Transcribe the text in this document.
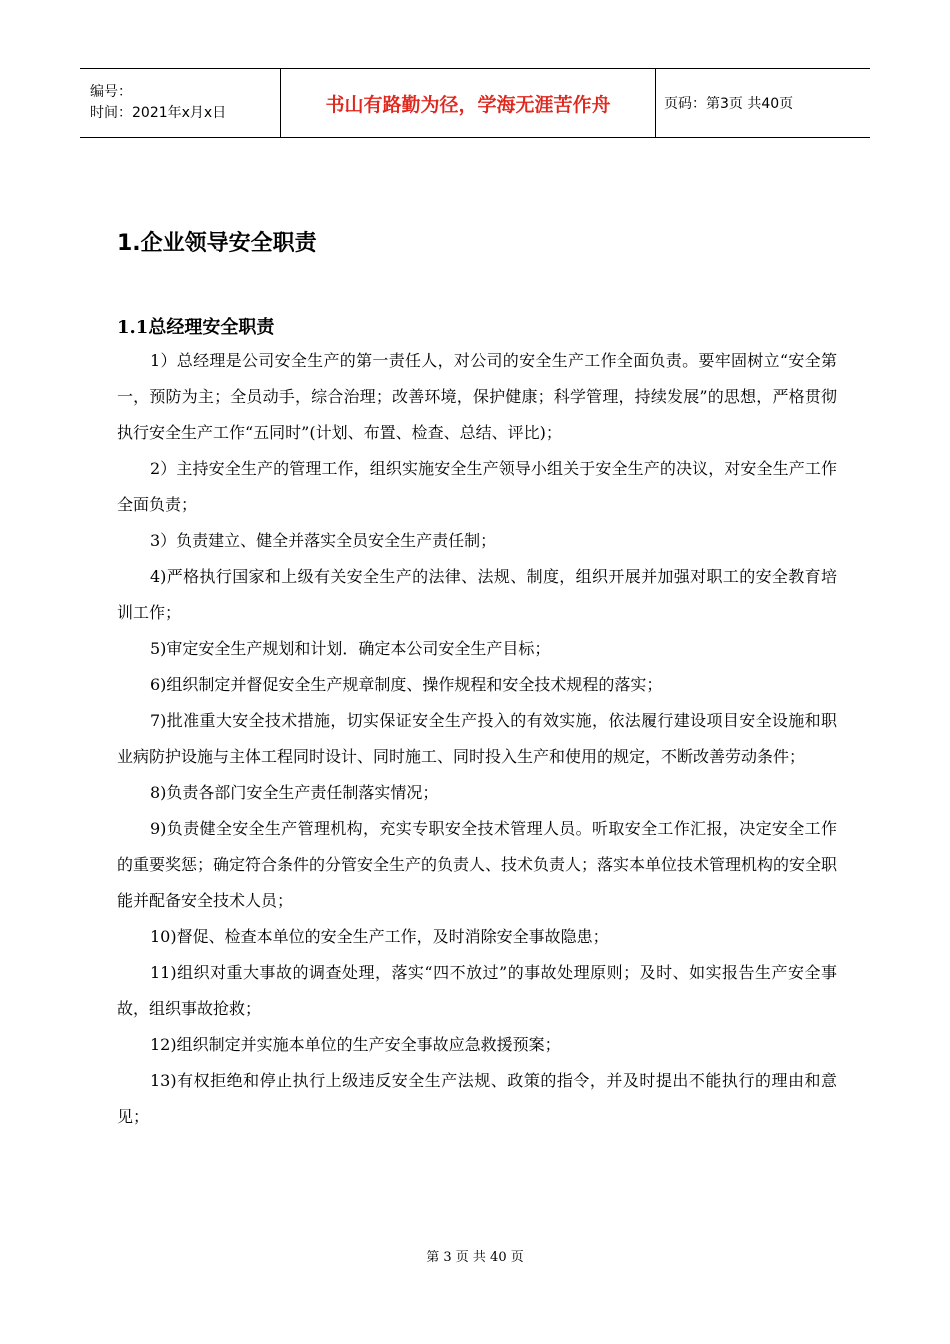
编号：
时间：2021年x月x日	书山有路勤为径，学海无涯苦作舟	页码：第3页 共40页
1.企业领导安全职责
1.1总经理安全职责

1）总经理是公司安全生产的第一责任人，对公司的安全生产工作全面负责。要牢固树立“安全第一，预防为主；全员动手，综合治理；改善环境，保护健康；科学管理，持续发展”的思想，严格贯彻执行安全生产工作“五同时”(计划、布置、检查、总结、评比)；

2）主持安全生产的管理工作，组织实施安全生产领导小组关于安全生产的决议，对安全生产工作全面负责；

3）负责建立、健全并落实全员安全生产责任制；

4)严格执行国家和上级有关安全生产的法律、法规、制度，组织开展并加强对职工的安全教育培训工作；

5)审定安全生产规划和计划．确定本公司安全生产目标；

6)组织制定并督促安全生产规章制度、操作规程和安全技术规程的落实；

7)批准重大安全技术措施，切实保证安全生产投入的有效实施，依法履行建设项目安全设施和职业病防护设施与主体工程同时设计、同时施工、同时投入生产和使用的规定，不断改善劳动条件；

8)负责各部门安全生产责任制落实情况；

9)负责健全安全生产管理机构，充实专职安全技术管理人员。听取安全工作汇报，决定安全工作的重要奖惩；确定符合条件的分管安全生产的负责人、技术负责人；落实本单位技术管理机构的安全职能并配备安全技术人员；

10)督促、检查本单位的安全生产工作，及时消除安全事故隐患；

11)组织对重大事故的调查处理，落实“四不放过”的事故处理原则；及时、如实报告生产安全事故，组织事故抢救；

12)组织制定并实施本单位的生产安全事故应急救援预案；

13)有权拒绝和停止执行上级违反安全生产法规、政策的指令，并及时提出不能执行的理由和意见；

第 3 页 共 40 页
